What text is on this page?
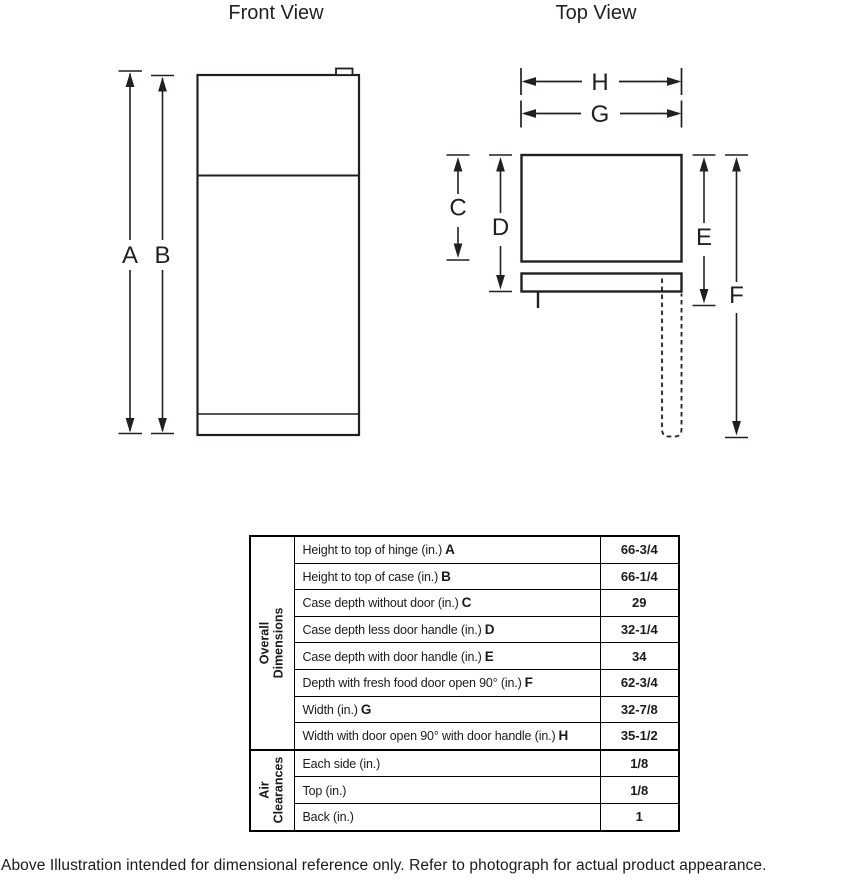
Front View
A B
Top View
H
G
C
D	E
F
Overall Dimensions	Height to top of hinge (in.) A	66-3/4
	Height to top of case (in.) B	66-1/4
	Case depth without door (in.) C	29
	Case depth less door handle (in.) D	32-1/4
	Case depth with door handle (in.) E	34
	Depth with fresh food door open 90° (in.) F	62-3/4
	Width (in.) G	32-7/8
	Width with door open 90° with door handle (in.) H	35-1/2

Air Clearances	Each side (in.)	1/8
	Top (in.)	1/8
	Back (in.)	1
Above Illustration intended for dimensional reference only. Refer to photograph for actual product appearance.
